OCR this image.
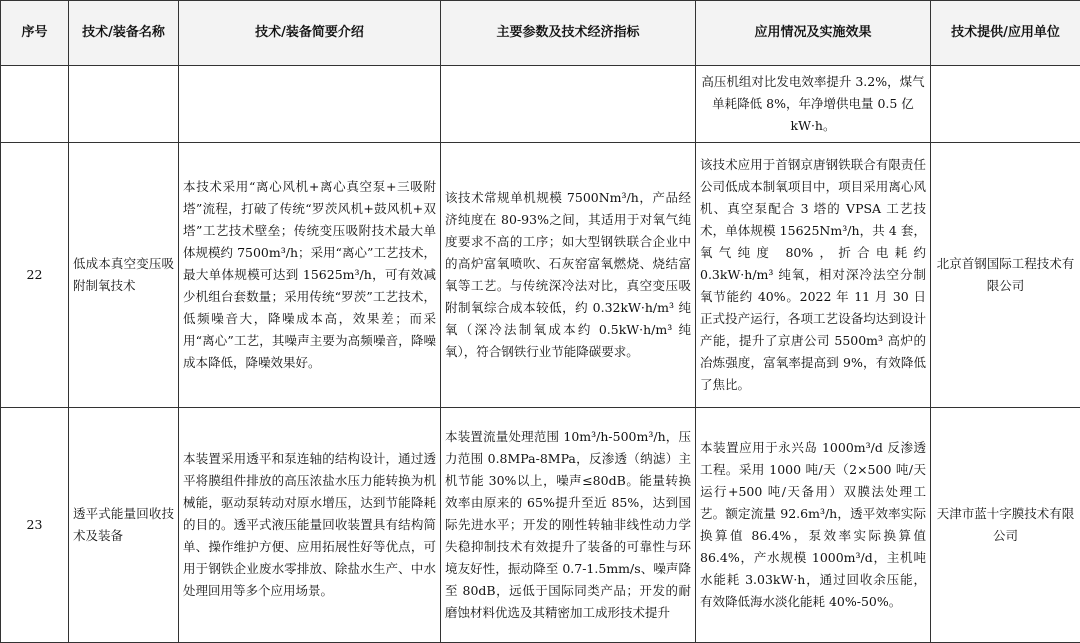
序号	技术/装备名称	技术/装备简要介绍	主要参数及技术经济指标	应用情况及实施效果	技术提供/应用单位
				高压机组对比发电效率提升 3.2%，煤气单耗降低 8%，年净增供电量 0.5 亿 kW·h。	
22	低成本真空变压吸附制氧技术	本技术采用“离心风机+离心真空泵+三吸附塔”流程，打破了传统“罗茨风机+鼓风机+双塔”工艺技术壁垒；传统变压吸附技术最大单体规模约 7500m³/h；采用“离心”工艺技术，最大单体规模可达到 15625m³/h，可有效减少机组台套数量；采用传统“罗茨”工艺技术，低频噪音大，降噪成本高，效果差；而采用“离心”工艺，其噪声主要为高频噪音，降噪成本降低，降噪效果好。	该技术常规单机规模 7500Nm³/h，产品经济纯度在 80-93%之间，其适用于对氧气纯度要求不高的工序；如大型钢铁联合企业中的高炉富氧喷吹、石灰窑富氧燃烧、烧结富氧等工艺。与传统深冷法对比，真空变压吸附制氧综合成本较低，约 0.32kW·h/m³ 纯氧（深冷法制氧成本约 0.5kW·h/m³ 纯氧），符合钢铁行业节能降碳要求。	该技术应用于首钢京唐钢铁联合有限责任公司低成本制氧项目中，项目采用离心风机、真空泵配合 3 塔的 VPSA 工艺技术，单体规模 15625Nm³/h，共 4 套，氧气纯度 80%，折合电耗约 0.3kW·h/m³ 纯氧，相对深冷法空分制氧节能约 40%。2022 年 11 月 30 日正式投产运行，各项工艺设备均达到设计产能，提升了京唐公司 5500m³ 高炉的冶炼强度，富氧率提高到 9%，有效降低了焦比。	北京首钢国际工程技术有限公司
23	透平式能量回收技术及装备	本装置采用透平和泵连轴的结构设计，通过透平将膜组件排放的高压浓盐水压力能转换为机械能，驱动泵转动对原水增压，达到节能降耗的目的。透平式液压能量回收装置具有结构简单、操作维护方便、应用拓展性好等优点，可用于钢铁企业废水零排放、除盐水生产、中水处理回用等多个应用场景。	本装置流量处理范围 10m³/h-500m³/h，压力范围 0.8MPa-8MPa，反渗透（纳滤）主机节能 30%以上，噪声≤80dB。能量转换效率由原来的 65%提升至近 85%，达到国际先进水平；开发的刚性转轴非线性动力学失稳抑制技术有效提升了装备的可靠性与环境友好性，振动降至 0.7-1.5mm/s、噪声降至 80dB，远低于国际同类产品；开发的耐磨蚀材料优选及其精密加工成形技术提升	本装置应用于永兴岛 1000m³/d 反渗透工程。采用 1000 吨/天（2×500 吨/天运行+500 吨/天备用）双膜法处理工艺。额定流量 92.6m³/h，透平效率实际换算值 86.4%，泵效率实际换算值 86.4%，产水规模 1000m³/d，主机吨水能耗 3.03kW·h，通过回收余压能，有效降低海水淡化能耗 40%-50%。	天津市蓝十字膜技术有限公司
